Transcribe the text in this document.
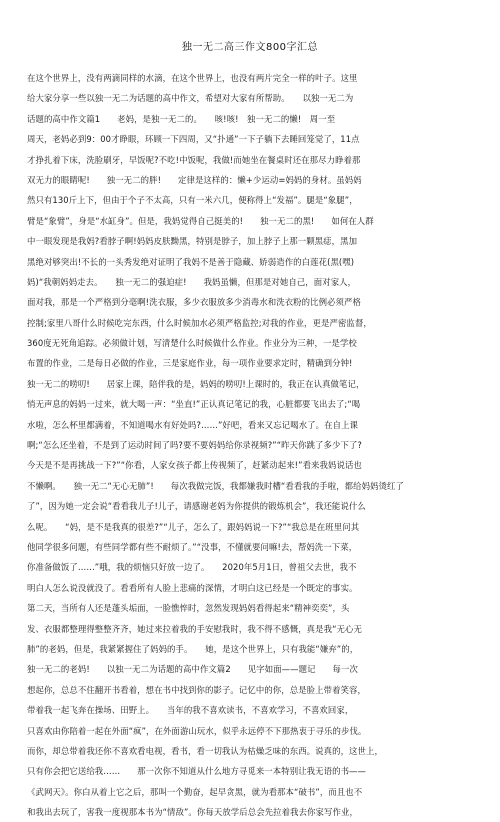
独一无二高三作文800字汇总
在这个世界上，没有两滴同样的水滴，在这个世界上，也没有两片完全一样的叶子。这里
给大家分享一些以独一无二为话题的高中作文，希望对大家有所帮助。　　以独一无二为
话题的高中作文篇1　　老妈，是独一无二的。　　咳!咳!　独一无二的懒!　周一至
周天，老妈必到9：00才睁眼，环顾一下四周，又“扑通”一下子躺下去睡回笼觉了，11点
才挣扎着下床，洗脸刷牙，早饭呢?不吃!中饭呢，我做!而她坐在餐桌时还在那尽力睁着那
双无力的眼睛呢!　　独一无二的胖!　　定律是这样的：懒+少运动=妈妈的身材。虽妈妈
然只有130斤上下，但由于个子不太高，只有一米六几，便称得上“发福”。腿是“象腿”，
臂是“象臂”，身是“水缸身”。但是，我妈觉得自己挺美的!　　独一无二的黑!　　如何在人群
中一眼发现是我妈?看脖子啊!妈妈皮肤黝黑，特别是脖子，加上脖子上那一颗黑痣，黑加
黑绝对够突出!不长的一头秀发绝对证明了我妈不是善于隐藏、娇弱造作的白莲花(黑(嘿)
妈)“我朝妈妈走去。　　独一无二的强迫症!　　我妈虽懒，但那是对她自己，面对家人，
面对我，那是一个严格到分毫啊!洗衣服，多少衣服放多少消毒水和洗衣粉的比例必须严格
控制;家里八哥什么时候吃完东西，什么时候加水必须严格监控;对我的作业，更是严密监督，
360度无死角追踪。必须做计划，写清楚什么时候做什么作业。作业分为三种，一是学校
布置的作业，二是每日必做的作业，三是家庭作业，每一项作业要求定时，精确到分钟!
独一无二的唠叨!　　居家上课，陪伴我的是，妈妈的唠叨!上课时的，我正在认真做笔记，
悄无声息的妈妈一过来，就大喝一声：“坐直!”正认真记笔记的我，心脏都要飞出去了;“喝
水啦，怎么杯里都满着，不知道喝水有好处吗?……”好吧，看来又忘记喝水了。在自上课
啊;“怎么还坐着，不是到了运动时间了吗?要不要妈妈给你录视频?”“昨天你跳了多少下了?
今天是不是再挑战一下?”“你看，人家女孩子都上传视频了，赶紧动起来!”看来我妈说话也
不懒啊。　　独一无二“无心无肺”!　　每次我做完饭，我都嫌我时槽“看看我的手啦，都给妈妈烫红了
了”，因为她一定会说“看看我儿子!儿子，请感谢老妈为你提供的锻炼机会”，我还能说什么
么呢。　　“妈，是不是我真的很差?”“儿子，怎么了，跟妈妈说一下?”“我总是在班里问其
他同学很多问题，有些同学都有些不耐烦了。”“没事，不懂就要问嘛!去，帮妈洗一下菜，
你准备做饭了……”哦，我的烦恼只好放一边了。　　2020年5月1日，曾祖父去世，我不
明白人怎么说没就没了。看看所有人脸上悲痛的深情，才明白这已经是一个既定的事实。
第二天，当所有人还是蓬头垢面，一脸憔悴时，忽然发现妈妈看得起来“精神奕奕”，头
发、衣服都整理得整整齐齐，她过来拉着我的手安慰我时，我不得不感慨，真是我“无心无
肺”的老妈，但是，我紧紧握住了妈妈的手。　　她，是这个世界上，只有我能“嫌弃”的，
独一无二的老妈!　　以独一无二为话题的高中作文篇2　　见字如面——题记　　每一次
想起你，总总不住翻开书看着，想在书中找到你的影子。记忆中的你，总是脸上带着笑容，
带着我一起飞奔在操场、田野上。　　当年的我不喜欢读书，不喜欢学习，不喜欢回家，
只喜欢由你陪着一起在外面“疯”，在外面游山玩水，似乎永远停不下那热衷于寻乐的步伐。
而你，却总带着我还你不喜欢看电视，看书，看一切我认为枯燥乏味的东西。说真的，这世上，
只有你会把它送给我……　　那一次你不知道从什么地方寻觅来一本特别让我无语的书——
《武网天》。你白从着上它之后，那叫一个勤奋，起早贪黑，就为看那本“破书”，而且也不
和我出去玩了，害我一度视那本书为“情敌”。你每天放学后总会先拉着我去你家写作业，
